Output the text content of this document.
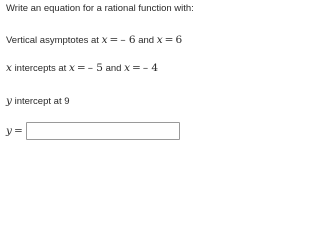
Write an equation for a rational function with:
Vertical asymptotes at x = – 6 and x = 6
x intercepts at x = – 5 and x = – 4
y intercept at 9
y =
